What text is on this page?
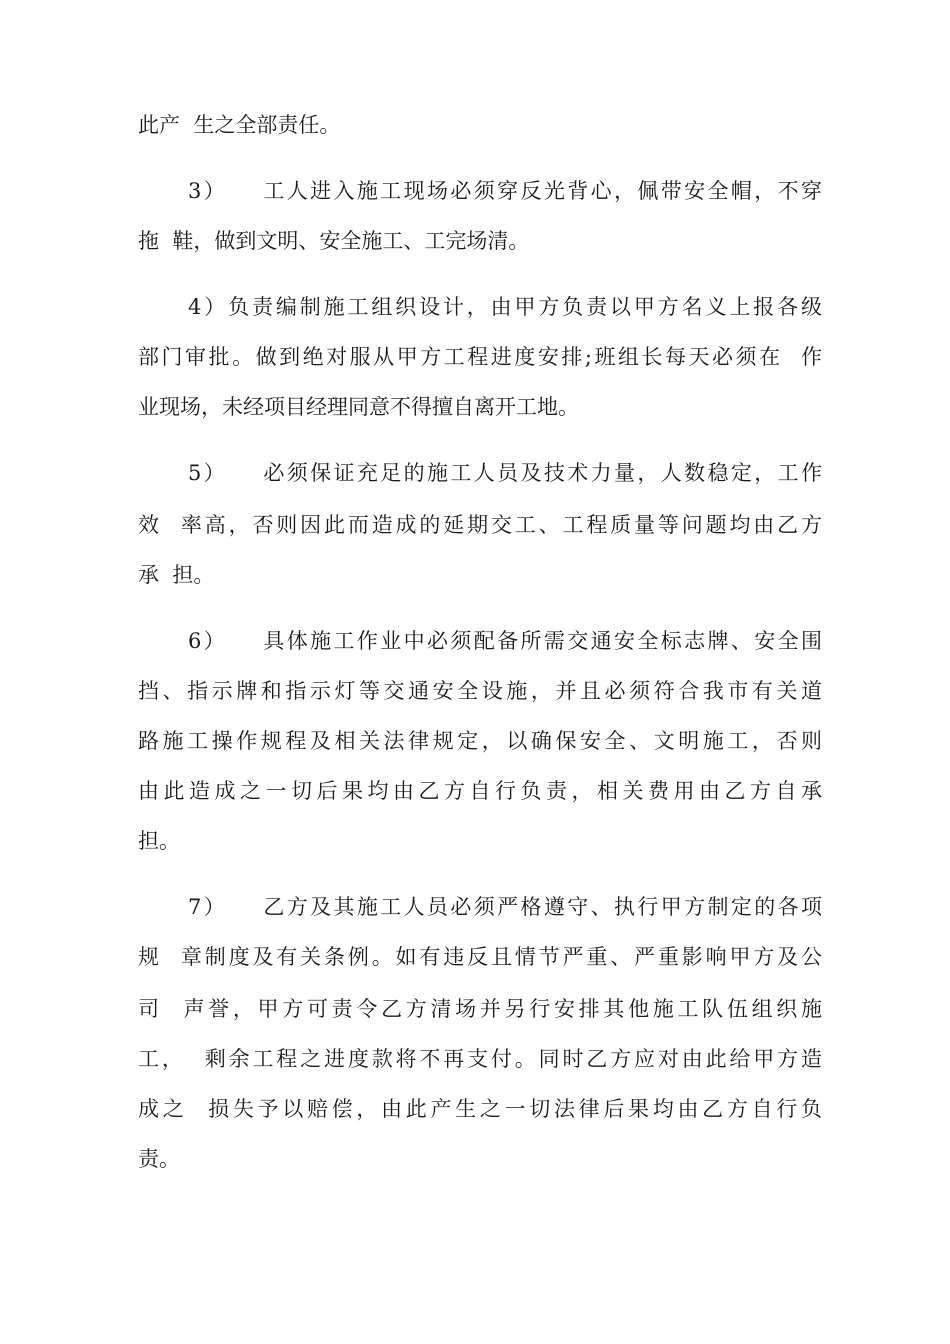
此产  生之全部责任。
3）　　工人进入施工现场必须穿反光背心，佩带安全帽，不穿
拖  鞋，做到文明、安全施工、工完场清。
4）负责编制施工组织设计，由甲方负责以甲方名义上报各级
部门审批。做到绝对服从甲方工程进度安排;班组长每天必须在  作
业现场，未经项目经理同意不得擅自离开工地。
5）　　必须保证充足的施工人员及技术力量，人数稳定，工作
效  率高，否则因此而造成的延期交工、工程质量等问题均由乙方
承  担。
6）　　具体施工作业中必须配备所需交通安全标志牌、安全围
挡、指示牌和指示灯等交通安全设施，并且必须符合我市有关道
路施工操作规程及相关法律规定，以确保安全、文明施工，否则
由此造成之一切后果均由乙方自行负责，相关费用由乙方自承
担。
7）　　乙方及其施工人员必须严格遵守、执行甲方制定的各项
规  章制度及有关条例。如有违反且情节严重、严重影响甲方及公
司  声誉，甲方可责令乙方清场并另行安排其他施工队伍组织施
工，  剩余工程之进度款将不再支付。同时乙方应对由此给甲方造
成之  损失予以赔偿，由此产生之一切法律后果均由乙方自行负
责。
